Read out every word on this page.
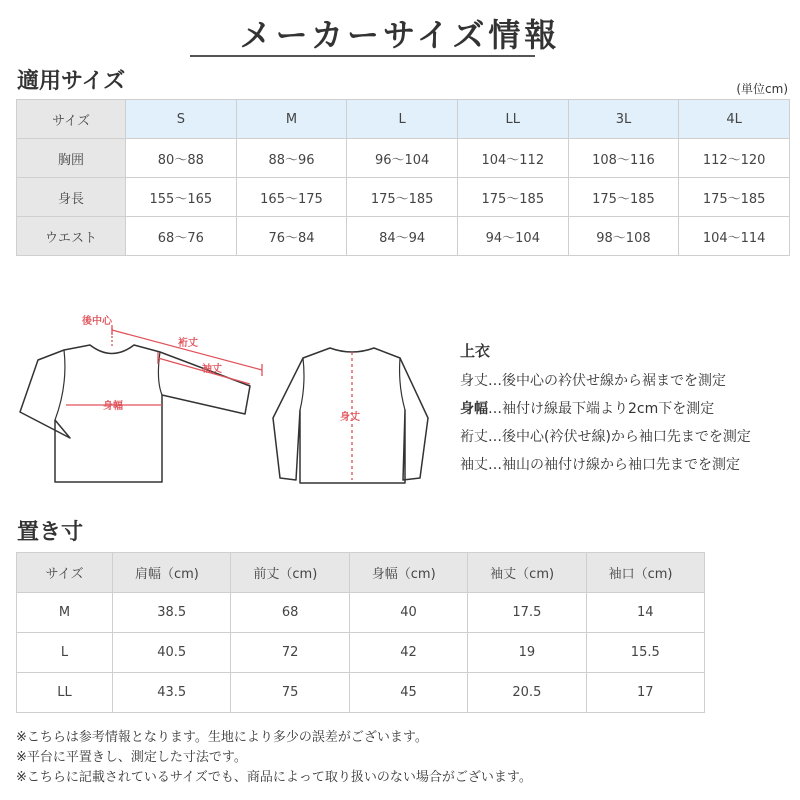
メーカーサイズ情報
適用サイズ	(単位cm)
サイズ	S	M	L	LL	3L	4L
胸囲	80〜88	88〜96	96〜104	104〜112	108〜116	112〜120
身長	155〜165	165〜175	175〜185	175〜185	175〜185	175〜185
ウエスト	68〜76	76〜84	84〜94	94〜104	98〜108	104〜114
後中心
裄丈
袖丈
身幅
身丈
上衣
身丈…後中心の衿伏せ線から裾までを測定
身幅…袖付け線最下端より2cm下を測定
裄丈…後中心(衿伏せ線)から袖口先までを測定
袖丈…袖山の袖付け線から袖口先までを測定
置き寸
サイズ	肩幅（cm)	前丈（cm)	身幅（cm)	袖丈（cm)	袖口（cm)
M	38.5	68	40	17.5	14
L	40.5	72	42	19	15.5
LL	43.5	75	45	20.5	17
※こちらは参考情報となります。生地により多少の誤差がございます。
※平台に平置きし、測定した寸法です。
※こちらに記載されているサイズでも、商品によって取り扱いのない場合がございます。
